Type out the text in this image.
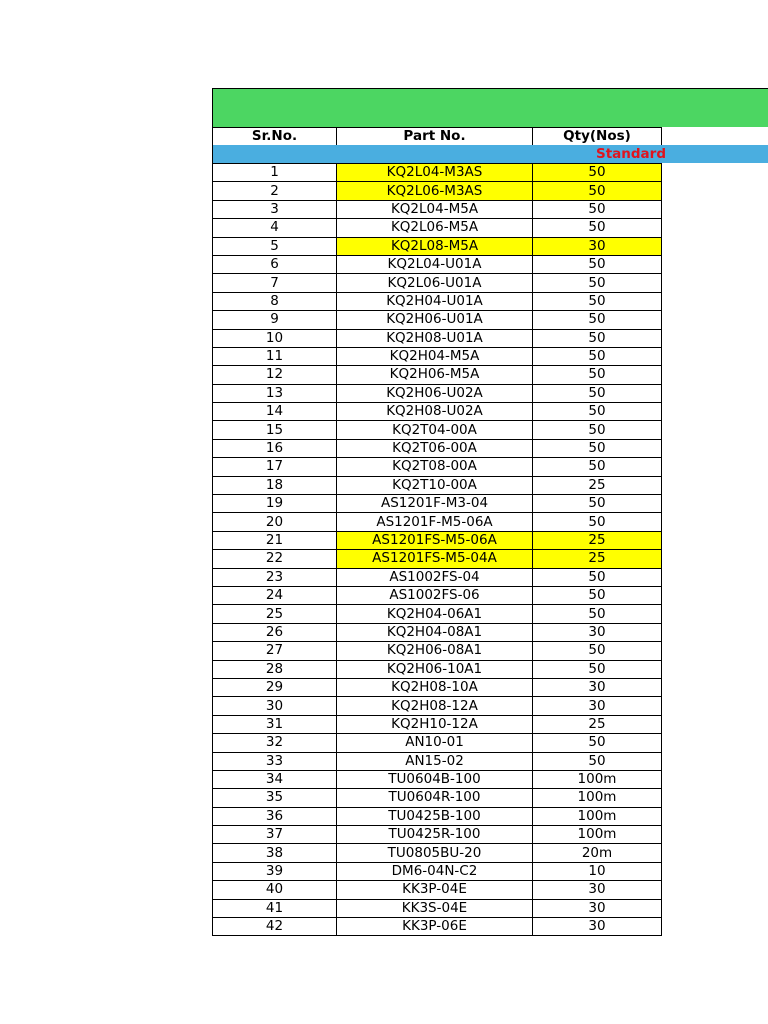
Sr.No.	Part No.	Qty(Nos)
Standard
1	KQ2L04-M3AS	50
2	KQ2L06-M3AS	50
3	KQ2L04-M5A	50
4	KQ2L06-M5A	50
5	KQ2L08-M5A	30
6	KQ2L04-U01A	50
7	KQ2L06-U01A	50
8	KQ2H04-U01A	50
9	KQ2H06-U01A	50
10	KQ2H08-U01A	50
11	KQ2H04-M5A	50
12	KQ2H06-M5A	50
13	KQ2H06-U02A	50
14	KQ2H08-U02A	50
15	KQ2T04-00A	50
16	KQ2T06-00A	50
17	KQ2T08-00A	50
18	KQ2T10-00A	25
19	AS1201F-M3-04	50
20	AS1201F-M5-06A	50
21	AS1201FS-M5-06A	25
22	AS1201FS-M5-04A	25
23	AS1002FS-04	50
24	AS1002FS-06	50
25	KQ2H04-06A1	50
26	KQ2H04-08A1	30
27	KQ2H06-08A1	50
28	KQ2H06-10A1	50
29	KQ2H08-10A	30
30	KQ2H08-12A	30
31	KQ2H10-12A	25
32	AN10-01	50
33	AN15-02	50
34	TU0604B-100	100m
35	TU0604R-100	100m
36	TU0425B-100	100m
37	TU0425R-100	100m
38	TU0805BU-20	20m
39	DM6-04N-C2	10
40	KK3P-04E	30
41	KK3S-04E	30
42	KK3P-06E	30
